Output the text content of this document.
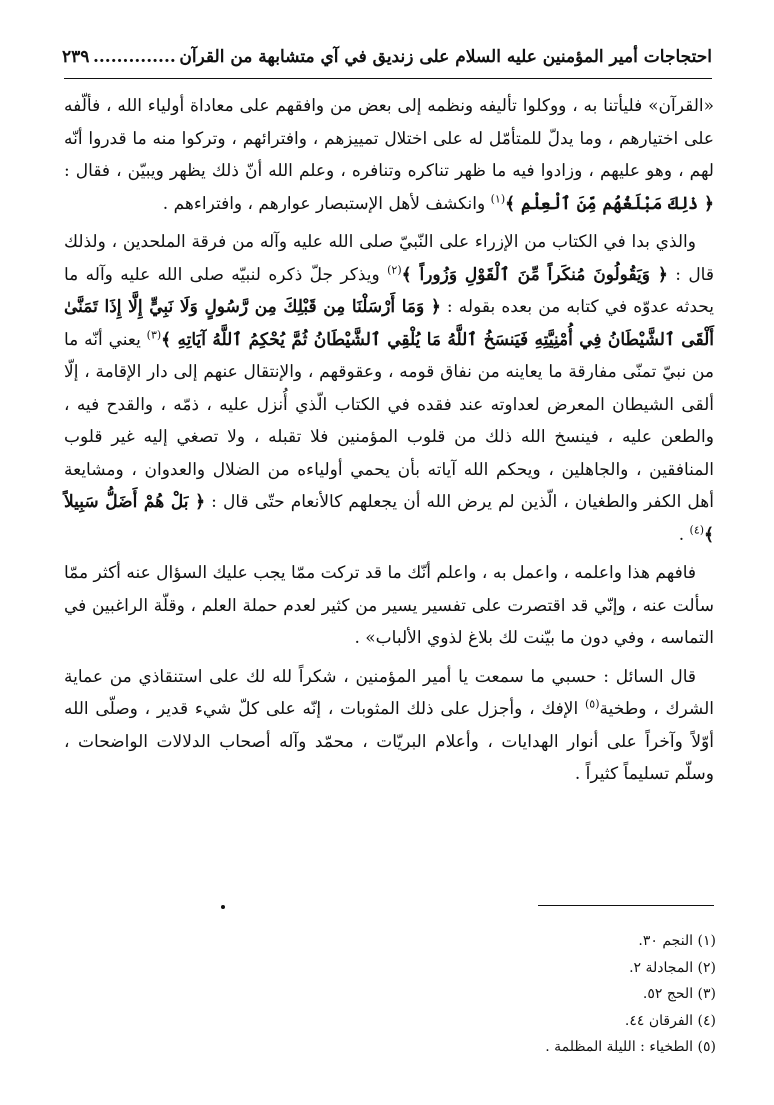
احتجاجات أمير المؤمنين عليه السلام على زنديق في آي متشابهة من القرآن
..............
٢٣٩

«القرآن» فليأتنا به ، ووكلوا تأليفه ونظمه إلى بعض من وافقهم على معاداة أولياء الله ، فألّفه على اختيارهم ، وما يدلّ للمتأمّل له على اختلال تمييزهم ، وافترائهم ، وتركوا منه ما قدروا أنّه لهم ، وهو عليهم ، وزادوا فيه ما ظهر تناكره وتنافره ، وعلم الله أنّ ذلك يظهر ويبيّن ، فقال : ﴿ ذٰلِكَ مَبْلَغُهُم مِّنَ ٱلْعِلْمِ ﴾$^{(١)}$ وانكشف لأهل الإستبصار عوارهم ، وافتراءهم .

والذي بدا في الكتاب من الإزراء على النّبيّ صلى الله عليه وآله من فرقة الملحدين ، ولذلك قال : ﴿ وَيَقُولُونَ مُنكَراً مِّنَ ٱلْقَوْلِ وَزُوراً ﴾$^{(٢)}$ ويذكر جلّ ذكره لنبيّه صلى الله عليه وآله ما يحدثه عدوّه في كتابه من بعده بقوله : ﴿ وَمَا أَرْسَلْنَا مِن قَبْلِكَ مِن رَّسُولٍ وَلَا نَبِيٍّ إِلَّا إِذَا تَمَنَّىٰ أَلْقَى ٱلشَّيْطَانُ فِي أُمْنِيَّتِهِ فَيَنسَخُ ٱللَّهُ مَا يُلْقِي ٱلشَّيْطَانُ ثُمَّ يُحْكِمُ ٱللَّهُ آيَاتِهِ ﴾$^{(٣)}$ يعني أنّه ما من نبيّ تمنّى مفارقة ما يعاينه من نفاق قومه ، وعقوقهم ، والإنتقال عنهم إلى دار الإقامة ، إلّا ألقى الشيطان المعرض لعداوته عند فقده في الكتاب الّذي أُنزل عليه ، ذمّه ، والقدح فيه ، والطعن عليه ، فينسخ الله ذلك من قلوب المؤمنين فلا تقبله ، ولا تصغي إليه غير قلوب المنافقين ، والجاهلين ، ويحكم الله آياته بأن يحمي أولياءه من الضلال والعدوان ، ومشايعة أهل الكفر والطغيان ، الّذين لم يرض الله أن يجعلهم كالأنعام حتّى قال : ﴿ بَلْ هُمْ أَضَلُّ سَبِيلاً ﴾$^{(٤)}$ .

فافهم هذا واعلمه ، واعمل به ، واعلم أنّك ما قد تركت ممّا يجب عليك السؤال عنه أكثر ممّا سألت عنه ، وإنّي قد اقتصرت على تفسير يسير من كثير لعدم حملة العلم ، وقلّة الراغبين في التماسه ، وفي دون ما بيّنت لك بلاغ لذوي الألباب» .

قال السائل : حسبي ما سمعت يا أمير المؤمنين ، شكراً لله لك على استنقاذي من عماية الشرك ، وطخية$^{(٥)}$ الإفك ، وأجزل على ذلك المثوبات ، إنّه على كلّ شيء قدير ، وصلّى الله أوّلاً وآخراً على أنوار الهدايات ، وأعلام البريّات ، محمّد وآله أصحاب الدلالات الواضحات ، وسلّم تسليماً كثيراً .

(١) النجم ٣٠.
(٢) المجادلة ٢.
(٣) الحج ٥٢.
(٤) الفرقان ٤٤.
(٥) الطخياء : الليلة المظلمة .
